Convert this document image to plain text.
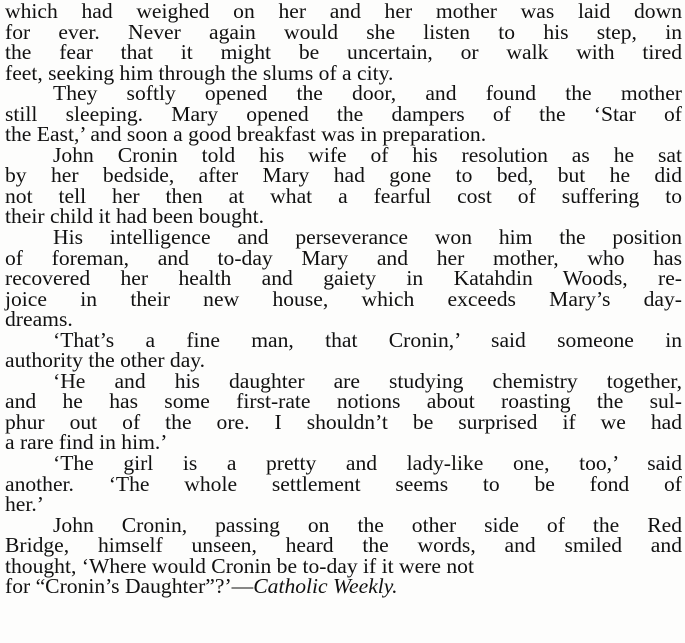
which had weighed on her and her mother was laid down
for ever. Never again would she listen to his step, in
the fear that it might be uncertain, or walk with tired
feet, seeking him through the slums of a city.
They softly opened the door, and found the mother
still sleeping. Mary opened the dampers of the ‘Star of
the East,’ and soon a good breakfast was in preparation.
John Cronin told his wife of his resolution as he sat
by her bedside, after Mary had gone to bed, but he did
not tell her then at what a fearful cost of suffering to
their child it had been bought.
His intelligence and perseverance won him the position
of foreman, and to-day Mary and her mother, who has
recovered her health and gaiety in Katahdin Woods, re-
joice in their new house, which exceeds Mary’s day-
dreams.
‘That’s a fine man, that Cronin,’ said someone in
authority the other day.
‘He and his daughter are studying chemistry together,
and he has some first-rate notions about roasting the sul-
phur out of the ore. I shouldn’t be surprised if we had
a rare find in him.’
‘The girl is a pretty and lady-like one, too,’ said
another. ‘The whole settlement seems to be fond of
her.’
John Cronin, passing on the other side of the Red
Bridge, himself unseen, heard the words, and smiled and
thought, ‘Where would Cronin be to-day if it were not
for “Cronin’s Daughter”?’—Catholic Weekly.
